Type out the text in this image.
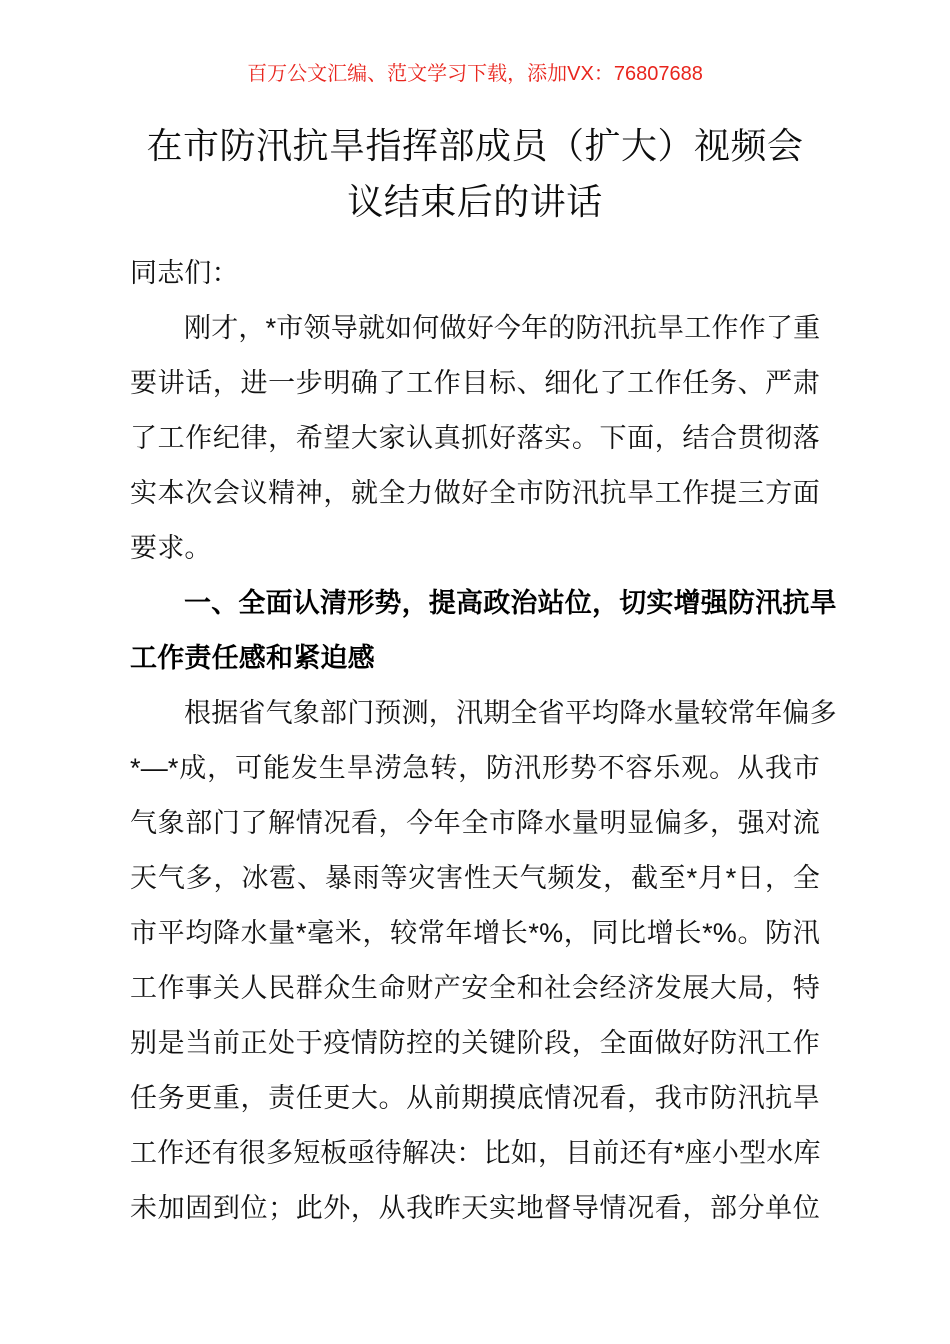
百万公文汇编、范文学习下载，添加VX：76807688
在市防汛抗旱指挥部成员（扩大）视频会议结束后的讲话
同志们：
刚才，*市领导就如何做好今年的防汛抗旱工作作了重
要讲话，进一步明确了工作目标、细化了工作任务、严肃
了工作纪律，希望大家认真抓好落实。下面，结合贯彻落
实本次会议精神，就全力做好全市防汛抗旱工作提三方面
要求。
一、全面认清形势，提高政治站位，切实增强防汛抗旱
工作责任感和紧迫感
根据省气象部门预测，汛期全省平均降水量较常年偏多
*—*成，可能发生旱涝急转，防汛形势不容乐观。从我市
气象部门了解情况看，今年全市降水量明显偏多，强对流
天气多，冰雹、暴雨等灾害性天气频发，截至*月*日，全
市平均降水量*毫米，较常年增长*%，同比增长*%。防汛
工作事关人民群众生命财产安全和社会经济发展大局，特
别是当前正处于疫情防控的关键阶段，全面做好防汛工作
任务更重，责任更大。从前期摸底情况看，我市防汛抗旱
工作还有很多短板亟待解决：比如，目前还有*座小型水库
未加固到位；此外，从我昨天实地督导情况看，部分单位
